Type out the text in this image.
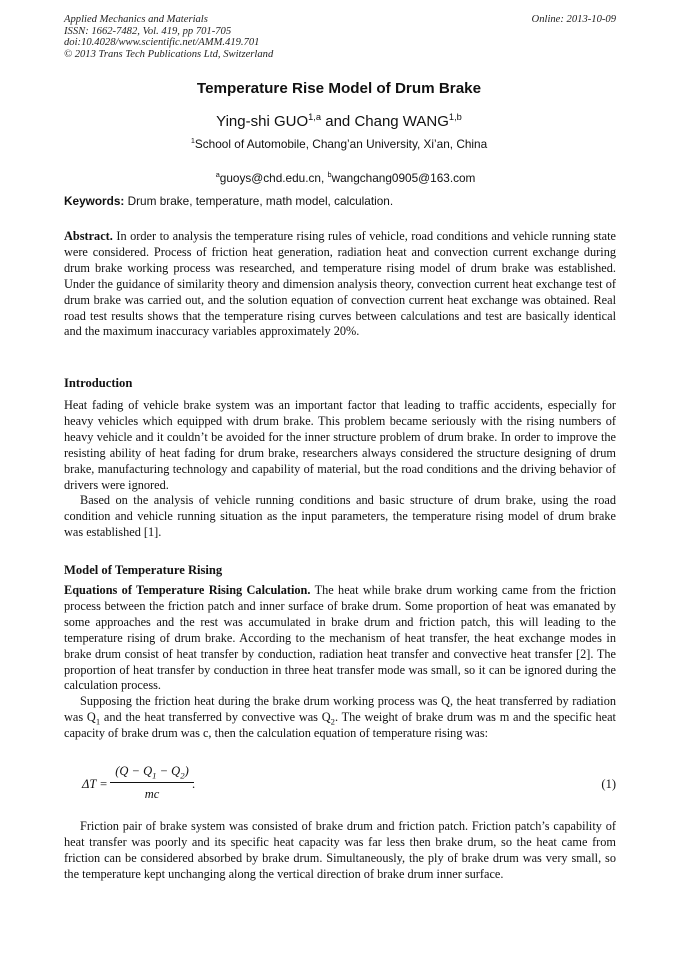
Applied Mechanics and Materials
ISSN: 1662-7482, Vol. 419, pp 701-705
doi:10.4028/www.scientific.net/AMM.419.701
© 2013 Trans Tech Publications Ltd, Switzerland
Online: 2013-10-09
Temperature Rise Model of Drum Brake
Ying-shi GUO$^{1,a}$ and Chang WANG$^{1,b}$
$^1$School of Automobile, Chang’an University, Xi’an, China

$^a$guoys@chd.edu.cn, $^b$wangchang0905@163.com

Keywords: Drum brake, temperature, math model, calculation.

Abstract. In order to analysis the temperature rising rules of vehicle, road conditions and vehicle running state were considered. Process of friction heat generation, radiation heat and convection current exchange during drum brake working process was researched, and temperature rising model of drum brake was established. Under the guidance of similarity theory and dimension analysis theory, convection current heat exchange test of drum brake was carried out, and the solution equation of convection current heat exchange was obtained. Real road test results shows that the temperature rising curves between calculations and test are basically identical and the maximum inaccuracy variables approximately 20%.

Introduction

Heat fading of vehicle brake system was an important factor that leading to traffic accidents, especially for heavy vehicles which equipped with drum brake. This problem became seriously with the rising numbers of heavy vehicle and it couldn’t be avoided for the inner structure problem of drum brake. In order to improve the resisting ability of heat fading for drum brake, researchers always considered the structure designing of drum brake, manufacturing technology and capability of material, but the road conditions and the driving behavior of drivers were ignored.

Based on the analysis of vehicle running conditions and basic structure of drum brake, using the road condition and vehicle running situation as the input parameters, the temperature rising model of drum brake was established [1].

Model of Temperature Rising

Equations of Temperature Rising Calculation. The heat while brake drum working came from the friction process between the friction patch and inner surface of brake drum. Some proportion of heat was emanated by some approaches and the rest was accumulated in brake drum and friction patch, this will leading to the temperature rising of drum brake. According to the mechanism of heat transfer, the heat exchange modes in brake drum consist of heat transfer by conduction, radiation heat transfer and convective heat transfer [2]. The proportion of heat transfer by conduction in three heat transfer mode was small, so it can be ignored during the calculation process.

Supposing the friction heat during the brake drum working process was Q, the heat transferred by radiation was $Q_1$ and the heat transferred by convective was $Q_2$. The weight of brake drum was m and the specific heat capacity of brake drum was c, then the calculation equation of temperature rising was:

$\Delta T = \frac{(Q - Q_1 - Q_2)}{mc}$
.	(1)

Friction pair of brake system was consisted of brake drum and friction patch. Friction patch’s capability of heat transfer was poorly and its specific heat capacity was far less then brake drum, so the heat came from friction can be considered absorbed by brake drum. Simultaneously, the ply of brake drum was very small, so the temperature kept unchanging along the vertical direction of brake drum inner surface.
